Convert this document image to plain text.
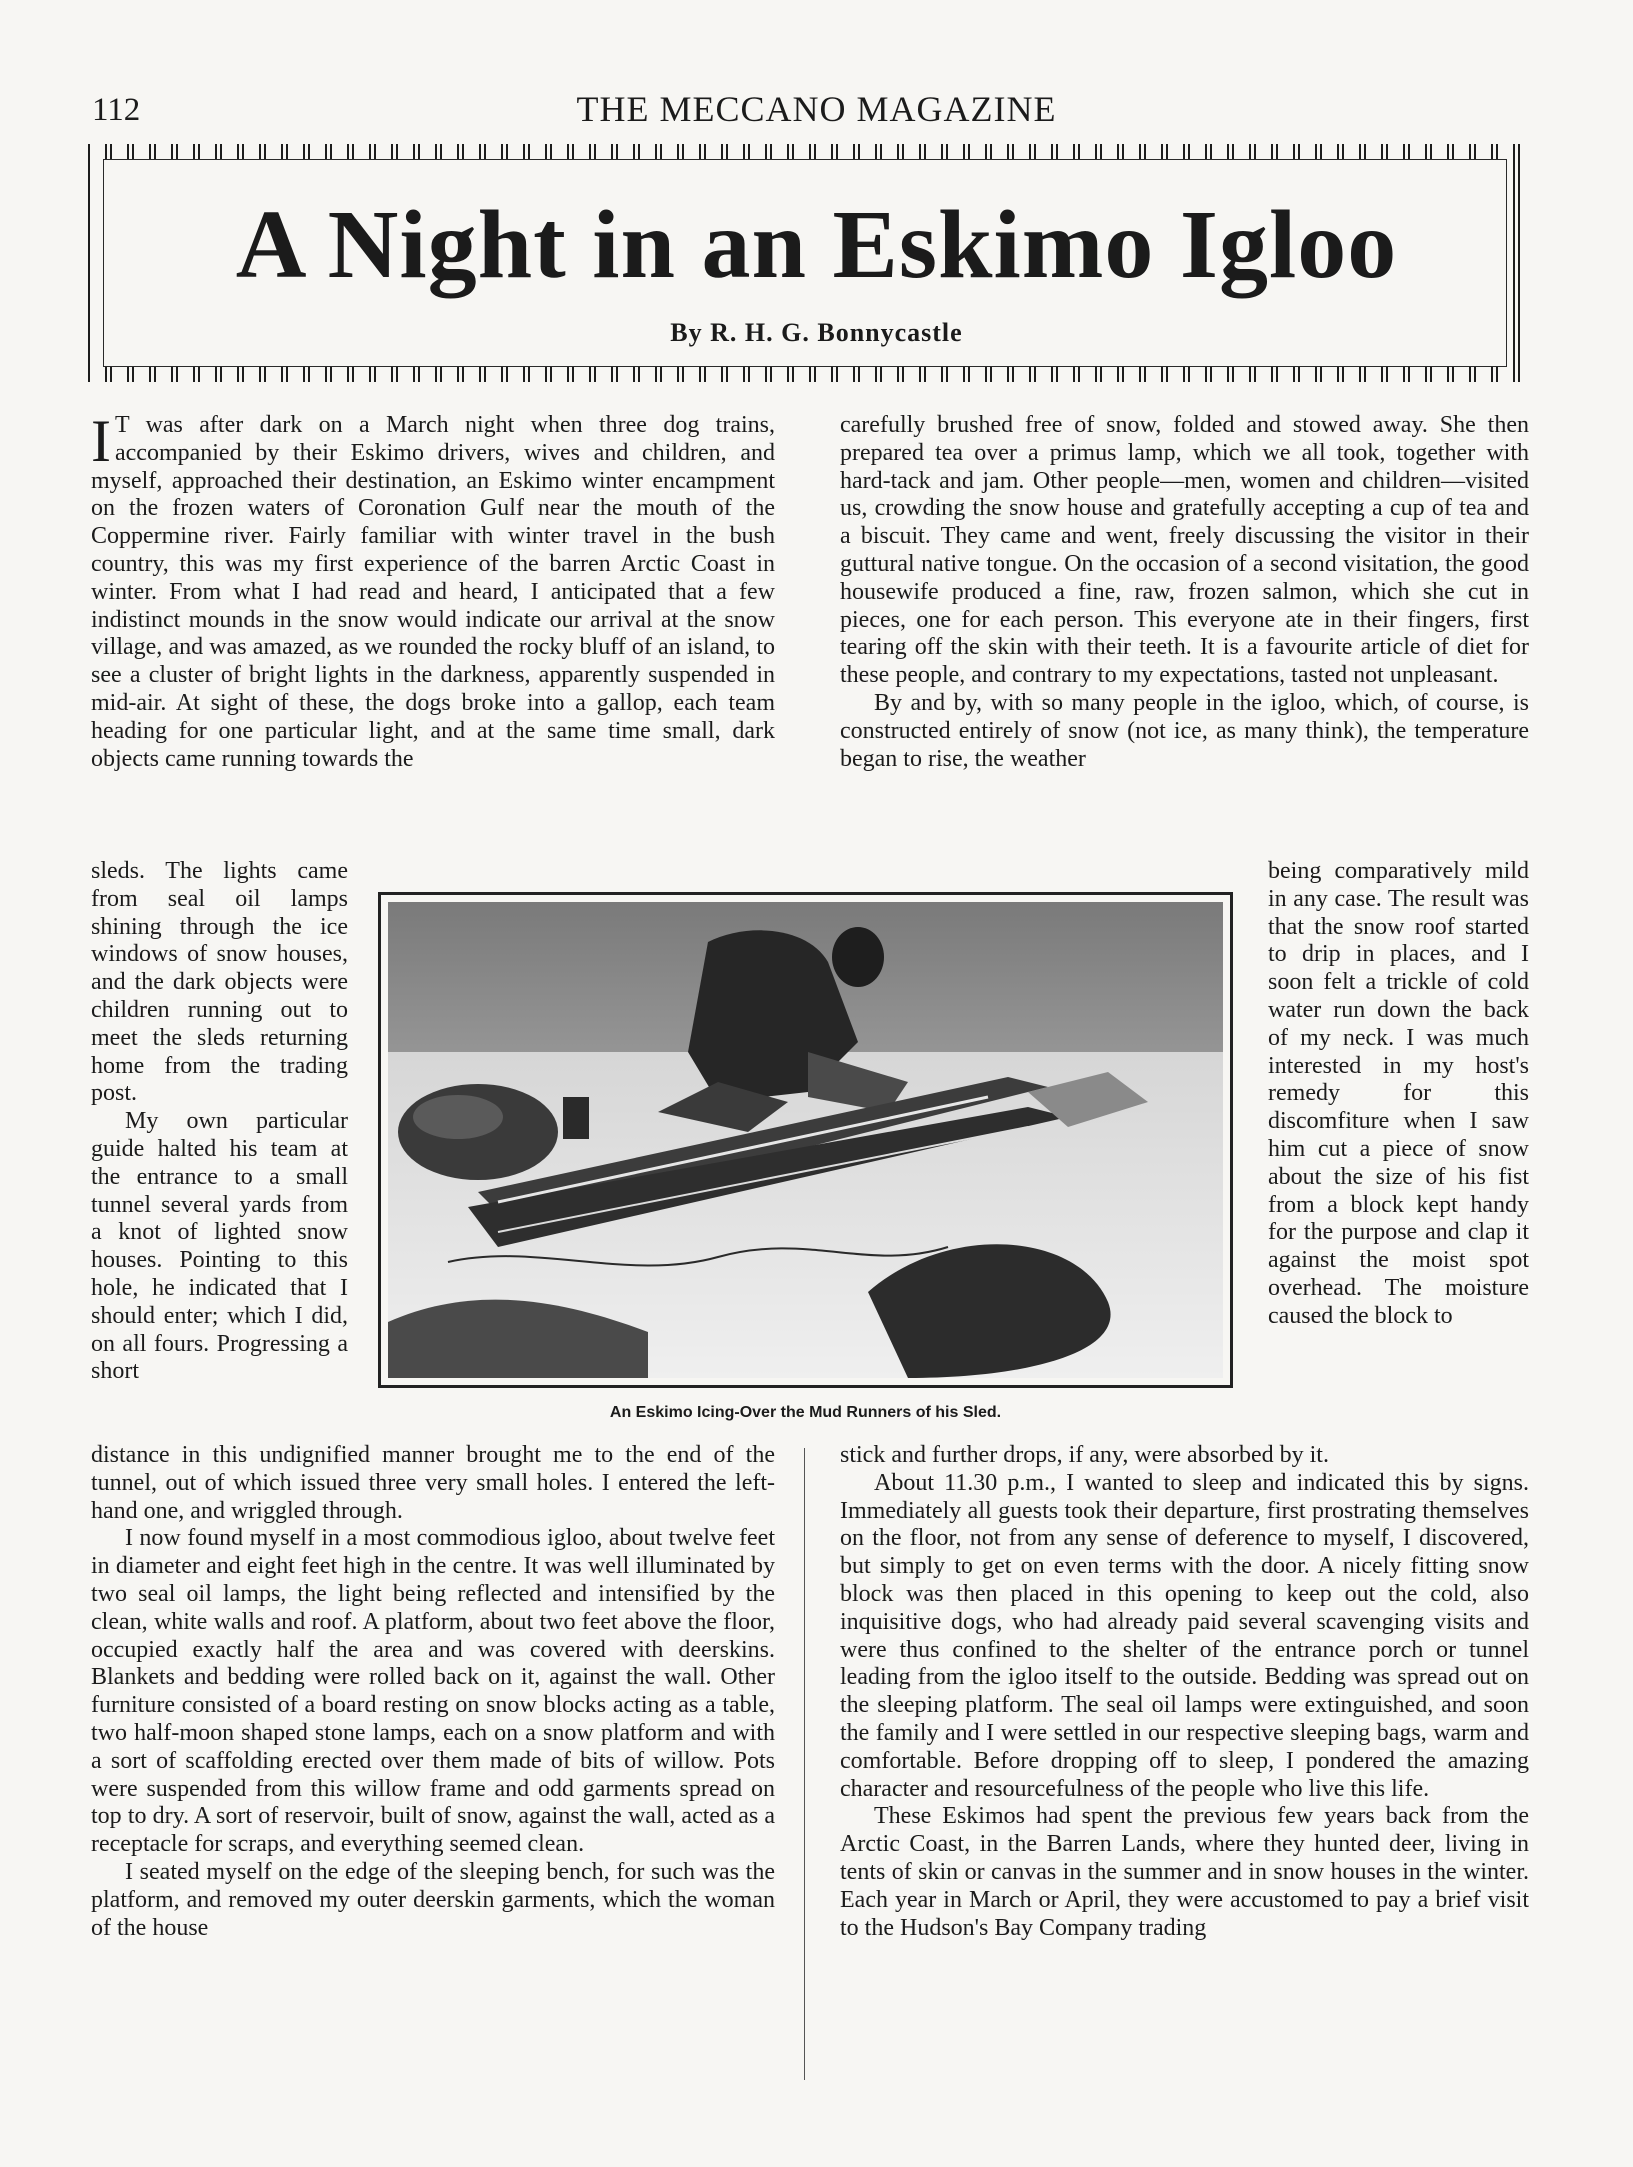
112	THE MECCANO MAGAZINE
A Night in an Eskimo Igloo
By R. H. G. Bonnycastle

I T was after dark on a March night when three dog trains, accompanied by their Eskimo drivers, wives and children, and myself, approached their destination, an Eskimo winter encampment on the frozen waters of Coronation Gulf near the mouth of the Coppermine river. Fairly familiar with winter travel in the bush country, this was my first experience of the barren Arctic Coast in winter. From what I had read and heard, I anticipated that a few indistinct mounds in the snow would indicate our arrival at the snow village, and was amazed, as we rounded the rocky bluff of an island, to see a cluster of bright lights in the darkness, apparently suspended in mid-air. At sight of these, the dogs broke into a gallop, each team heading for one particular light, and at the same time small, dark objects came running towards the

sleds. The lights came from seal oil lamps shining through the ice windows of snow houses, and the dark objects were children running out to meet the sleds returning home from the trading post.

My own particular guide halted his team at the entrance to a small tunnel several yards from a knot of lighted snow houses. Pointing to this hole, he indicated that I should enter; which I did, on all fours. Progressing a short

distance in this undignified manner brought me to the end of the tunnel, out of which issued three very small holes. I entered the left-hand one, and wriggled through.

I now found myself in a most commodious igloo, about twelve feet in diameter and eight feet high in the centre. It was well illuminated by two seal oil lamps, the light being reflected and intensified by the clean, white walls and roof. A platform, about two feet above the floor, occupied exactly half the area and was covered with deerskins. Blankets and bedding were rolled back on it, against the wall. Other furniture consisted of a board resting on snow blocks acting as a table, two half-moon shaped stone lamps, each on a snow platform and with a sort of scaffolding erected over them made of bits of willow. Pots were suspended from this willow frame and odd garments spread on top to dry. A sort of reservoir, built of snow, against the wall, acted as a receptacle for scraps, and everything seemed clean.

I seated myself on the edge of the sleeping bench, for such was the platform, and removed my outer deerskin garments, which the woman of the house

carefully brushed free of snow, folded and stowed away. She then prepared tea over a primus lamp, which we all took, together with hard-tack and jam. Other people—men, women and children—visited us, crowding the snow house and gratefully accepting a cup of tea and a biscuit. They came and went, freely discussing the visitor in their guttural native tongue. On the occasion of a second visitation, the good housewife produced a fine, raw, frozen salmon, which she cut in pieces, one for each person. This everyone ate in their fingers, first tearing off the skin with their teeth. It is a favourite article of diet for these people, and contrary to my expectations, tasted not unpleasant.

By and by, with so many people in the igloo, which, of course, is constructed entirely of snow (not ice, as many think), the temperature began to rise, the weather

being comparatively mild in any case. The result was that the snow roof started to drip in places, and I soon felt a trickle of cold water run down the back of my neck. I was much interested in my host's remedy for this discomfiture when I saw him cut a piece of snow about the size of his fist from a block kept handy for the purpose and clap it against the moist spot overhead. The moisture caused the block to

stick and further drops, if any, were absorbed by it.

About 11.30 p.m., I wanted to sleep and indicated this by signs. Immediately all guests took their departure, first prostrating themselves on the floor, not from any sense of deference to myself, I discovered, but simply to get on even terms with the door. A nicely fitting snow block was then placed in this opening to keep out the cold, also inquisitive dogs, who had already paid several scavenging visits and were thus confined to the shelter of the entrance porch or tunnel leading from the igloo itself to the outside. Bedding was spread out on the sleeping platform. The seal oil lamps were extinguished, and soon the family and I were settled in our respective sleeping bags, warm and comfortable. Before dropping off to sleep, I pondered the amazing character and resourcefulness of the people who live this life.

These Eskimos had spent the previous few years back from the Arctic Coast, in the Barren Lands, where they hunted deer, living in tents of skin or canvas in the summer and in snow houses in the winter. Each year in March or April, they were accustomed to pay a brief visit to the Hudson's Bay Company trading

An Eskimo Icing-Over the Mud Runners of his Sled.
